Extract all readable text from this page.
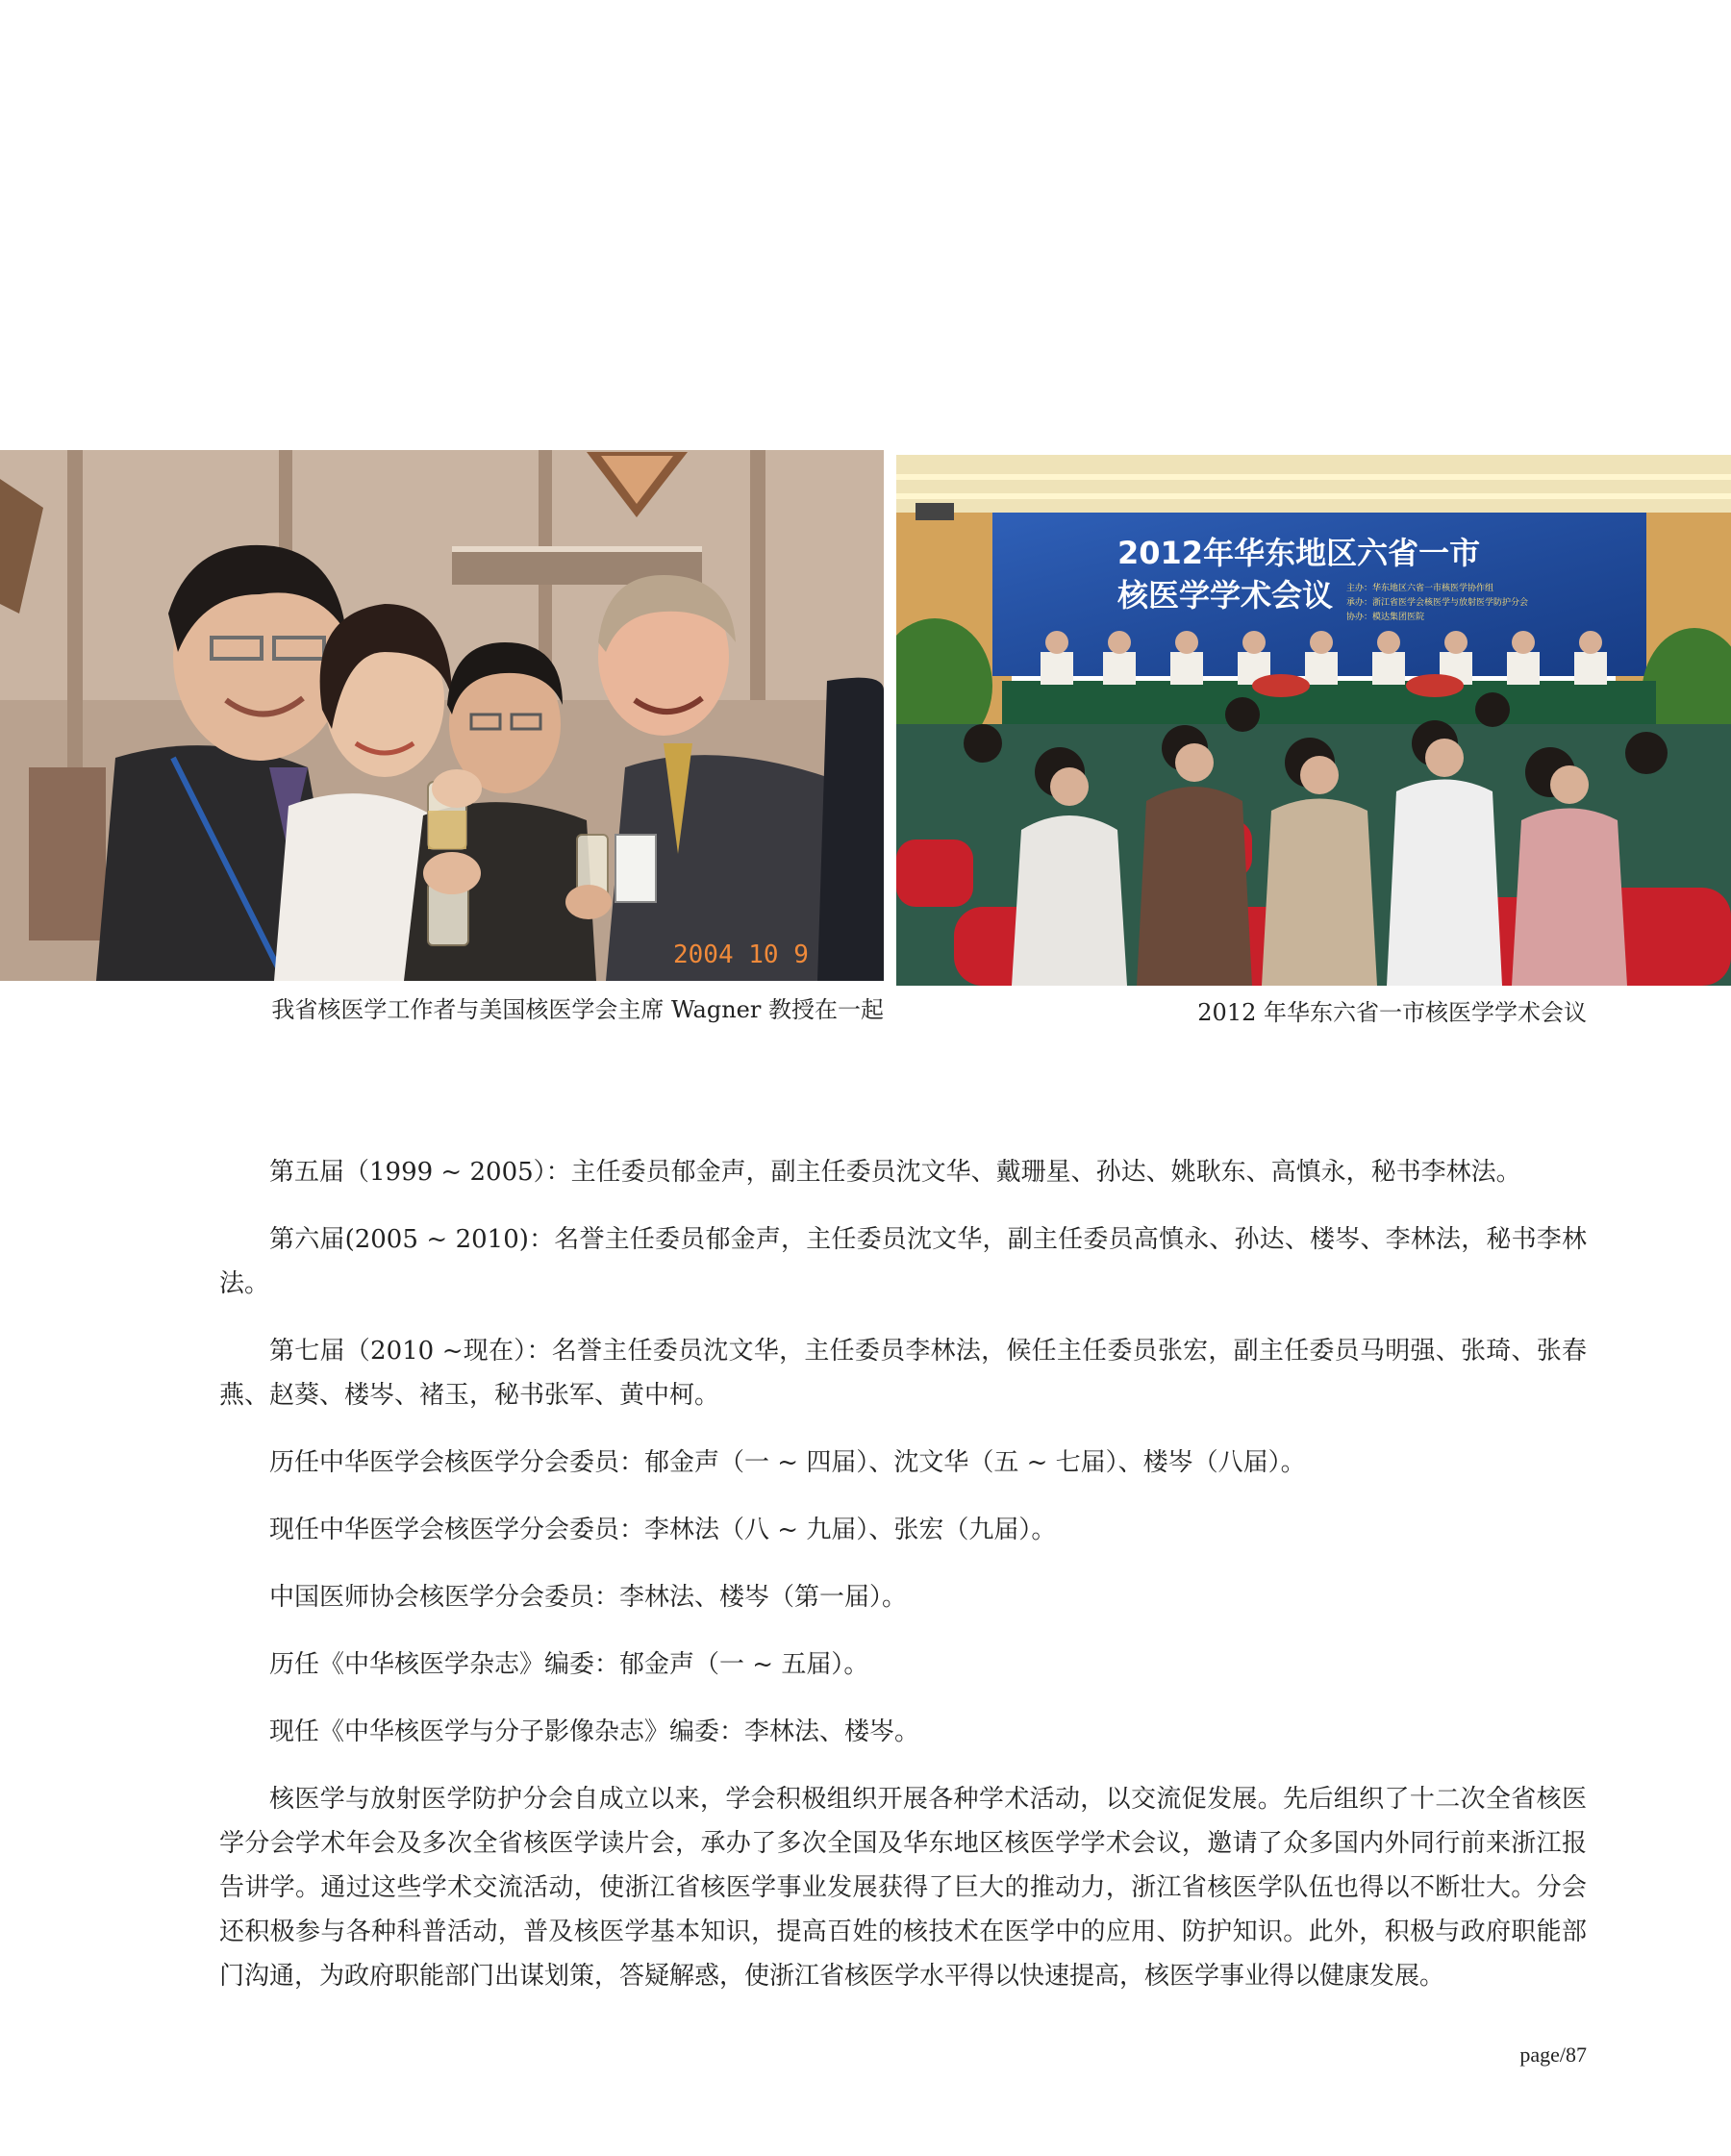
2004 10 9
2012年华东地区六省一市
核医学学术会议 主办：华东地区六省一市核医学协作组
承办：浙江省医学会核医学与放射医学防护分会
协办：模达集团医院
我省核医学工作者与美国核医学会主席 Wagner 教授在一起	2012 年华东六省一市核医学学术会议

第五届（1999 ~ 2005）：主任委员郁金声，副主任委员沈文华、戴珊星、孙达、姚耿东、高慎永，秘书李林法。

第六届(2005 ~ 2010)：名誉主任委员郁金声，主任委员沈文华，副主任委员高慎永、孙达、楼岑、李林法，秘书李林法。

第七届（2010 ~现在）：名誉主任委员沈文华，主任委员李林法，候任主任委员张宏，副主任委员马明强、张琦、张春燕、赵葵、楼岑、褚玉，秘书张军、黄中柯。

历任中华医学会核医学分会委员：郁金声（一 ~ 四届）、沈文华（五 ~ 七届）、楼岑（八届）。

现任中华医学会核医学分会委员：李林法（八 ~ 九届）、张宏（九届）。

中国医师协会核医学分会委员：李林法、楼岑（第一届）。

历任《中华核医学杂志》编委：郁金声（一 ~ 五届）。

现任《中华核医学与分子影像杂志》编委：李林法、楼岑。

核医学与放射医学防护分会自成立以来，学会积极组织开展各种学术活动，以交流促发展。先后组织了十二次全省核医学分会学术年会及多次全省核医学读片会，承办了多次全国及华东地区核医学学术会议，邀请了众多国内外同行前来浙江报告讲学。通过这些学术交流活动，使浙江省核医学事业发展获得了巨大的推动力，浙江省核医学队伍也得以不断壮大。分会还积极参与各种科普活动，普及核医学基本知识，提高百姓的核技术在医学中的应用、防护知识。此外，积极与政府职能部门沟通，为政府职能部门出谋划策，答疑解惑，使浙江省核医学水平得以快速提高，核医学事业得以健康发展。

page/87
